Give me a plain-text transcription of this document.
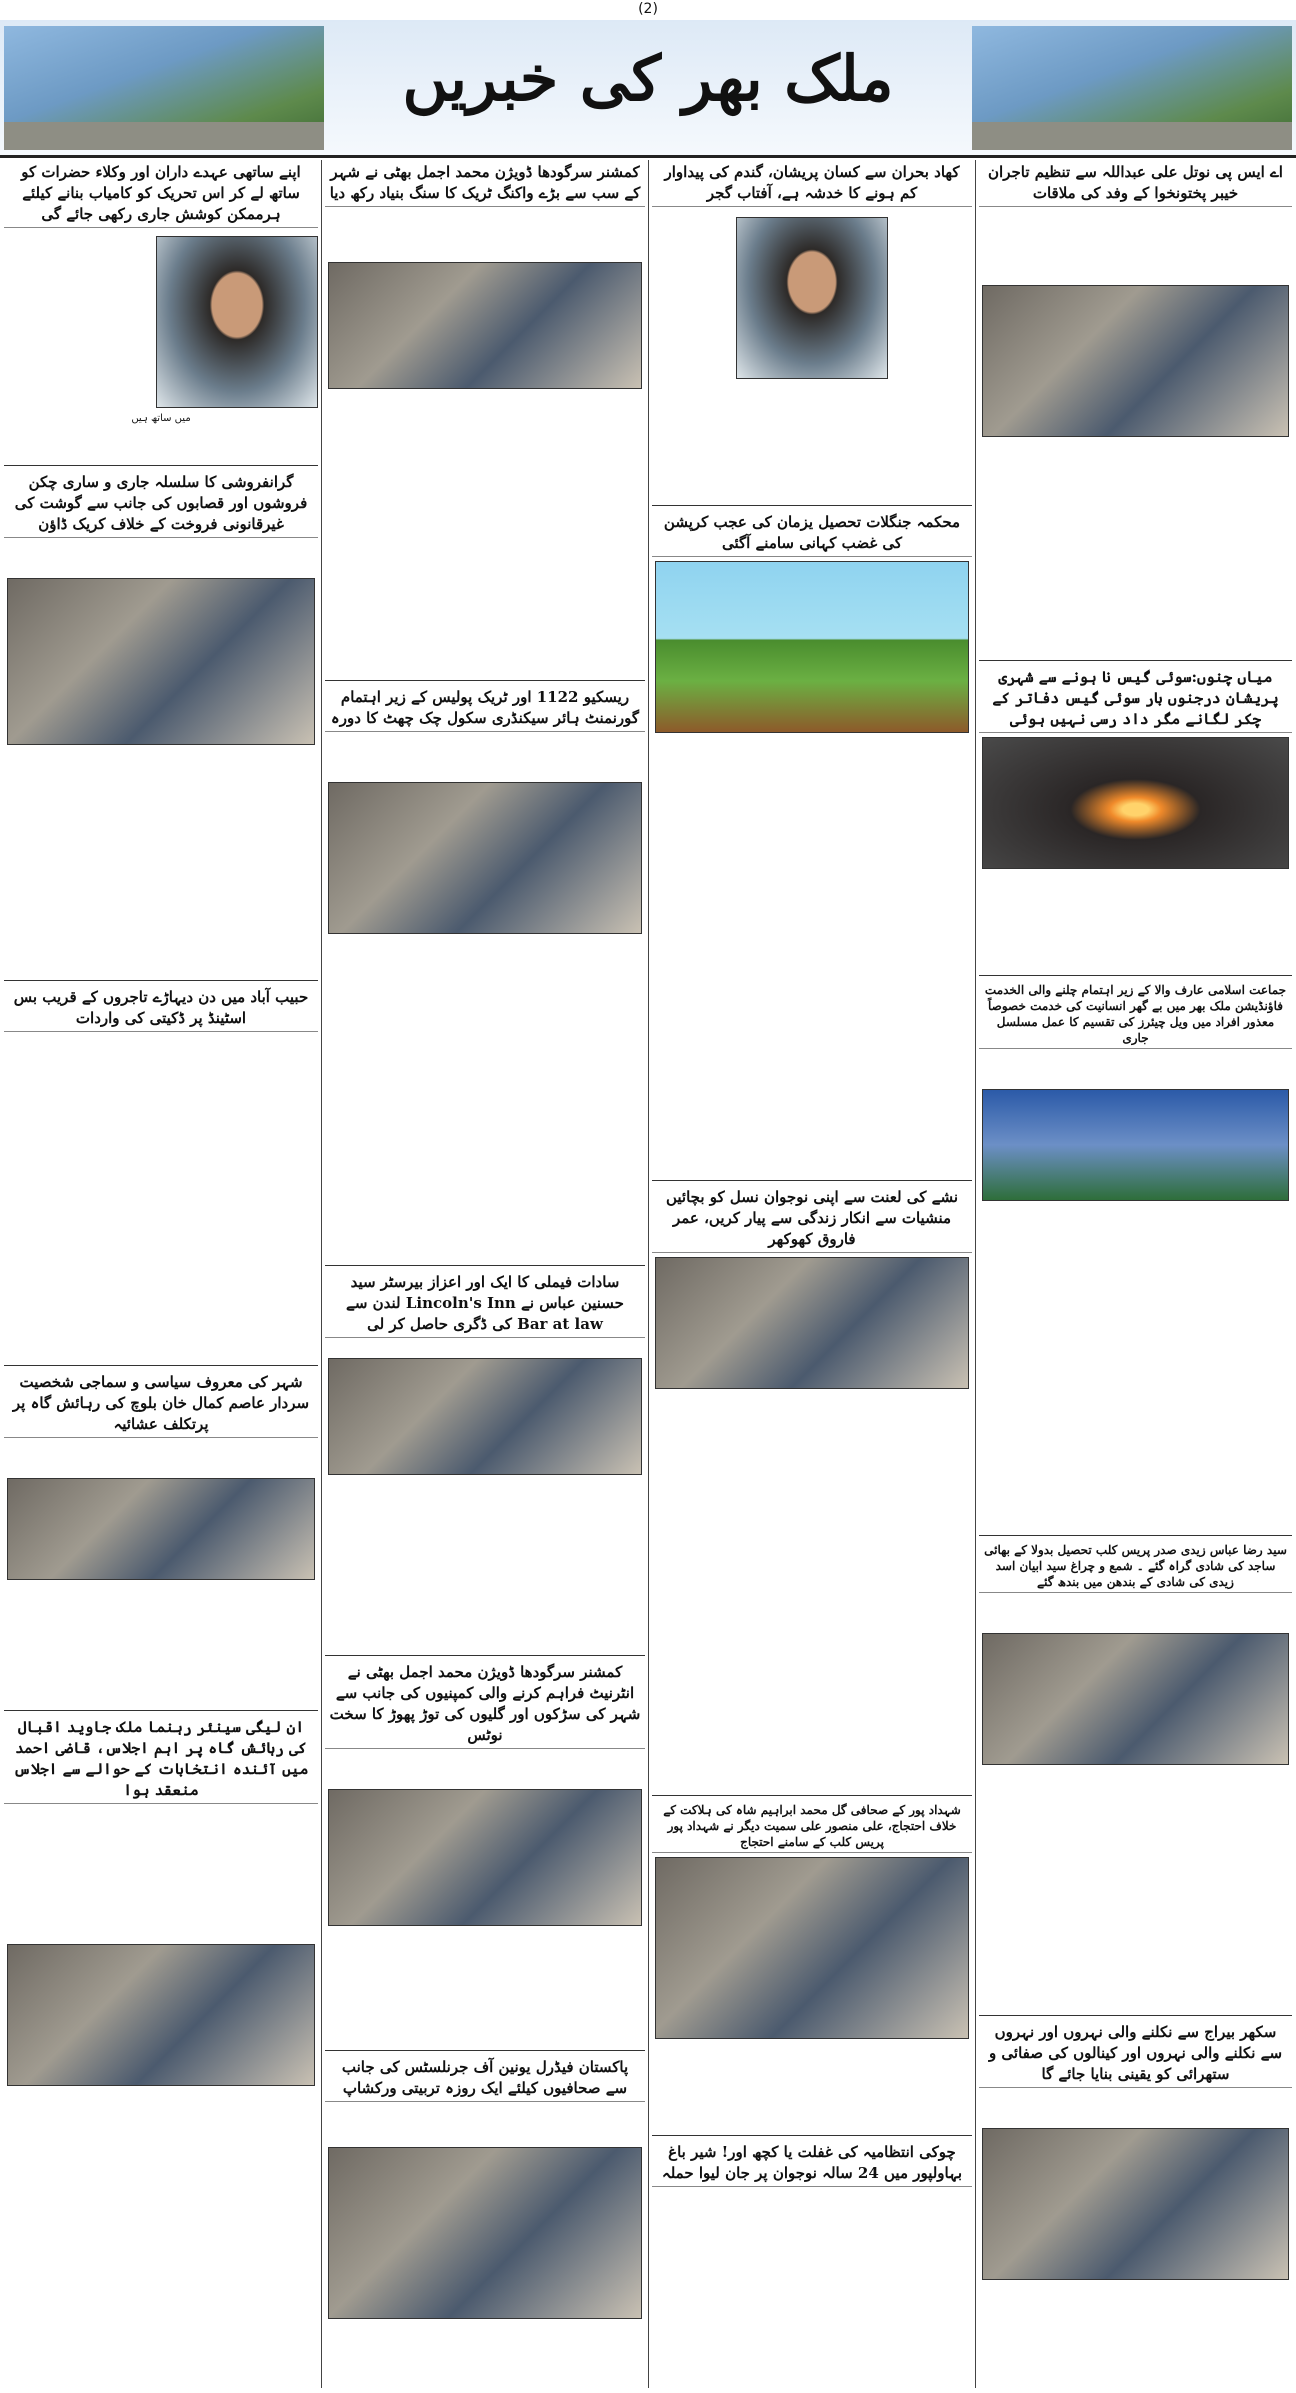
(2)
ملک بھر کی خبریں
اے ایس پی نوتل علی عبداللہ سے تنظیم تاجران خیبر پختونخوا کے وفد کی ملاقات

میاں چنوں:سوئی گیس نا ہونے سے شہری پریشان درجنوں بار سوئی گیس دفاتر کے چکر لگانے مگر داد رسی نہیں ہوئی
جماعت اسلامی عارف والا کے زیر اہتمام چلنے والی الخدمت فاؤنڈیشن ملک بھر میں بے گھر انسانیت کی خدمت خصوصاً معذور افراد میں ویل چیئرز کی تقسیم کا عمل مسلسل جاری
سید رضا عباس زیدی صدر پریس کلب تحصیل بدولا کے بھائی ساجد کی شادی گراہ گئے ۔ شمع و چراغ سید ابیان اسد زیدی کی شادی کے بندھن میں بندھ گئے
سکھر بیراج سے نکلنے والی نہروں اور نہروں سے نکلنے والی نہروں اور کینالوں کی صفائی و ستھرائی کو یقینی بنایا جائے گا
کھاد بحران سے کسان پریشان، گندم کی پیداوار کم ہونے کا خدشہ ہے، آفتاب گجر
محکمہ جنگلات تحصیل یزمان کی عجب کرپشن کی غضب کہانی سامنے آگئی
نشے کی لعنت سے اپنی نوجوان نسل کو بچائیں منشیات سے انکار زندگی سے پیار کریں، عمر فاروق کھوکھر
شہداد پور کے صحافی گل محمد ابراہیم شاہ کی ہلاکت کے خلاف احتجاج، علی منصور علی سمیت دیگر نے شہداد پور پریس کلب کے سامنے احتجاج
چوکی انتظامیہ کی غفلت یا کچھ اور! شیر باغ بہاولپور میں 24 سالہ نوجوان پر جان لیوا حملہ
کمشنر سرگودھا ڈویژن محمد اجمل بھٹی نے شہر کے سب سے بڑے واکنگ ٹریک کا سنگ بنیاد رکھ دیا
ریسکیو 1122 اور ٹریک پولیس کے زیر اہتمام گورنمنٹ ہائر سیکنڈری سکول چک چھٹ کا دورہ
سادات فیملی کا ایک اور اعزاز بیرسٹر سید حسنین عباس نے Lincoln's Inn لندن سے Bar at law کی ڈگری حاصل کر لی
کمشنر سرگودھا ڈویژن محمد اجمل بھٹی نے انٹرنیٹ فراہم کرنے والی کمپنیوں کی جانب سے شہر کی سڑکوں اور گلیوں کی توڑ پھوڑ کا سخت نوٹس
پاکستان فیڈرل یونین آف جرنلسٹس کی جانب سے صحافیوں کیلئے ایک روزہ تربیتی ورکشاپ
اپنے ساتھی عہدے داران اور وکلاء حضرات کو ساتھ لے کر اس تحریک کو کامیاب بنانے کیلئے ہرممکن کوشش جاری رکھی جائے گی
میں ساتھ ہیں
گرانفروشی کا سلسلہ جاری و ساری چکن فروشوں اور قصابوں کی جانب سے گوشت کی غیرقانونی فروخت کے خلاف کریک ڈاؤن
حبیب آباد میں دن دیہاڑے تاجروں کے قریب بس اسٹینڈ پر ڈکیتی کی واردات
شہر کی معروف سیاسی و سماجی شخصیت سردار عاصم کمال خان بلوچ کی رہائش گاہ پر پرتکلف عشائیہ
ان لیگی سینئر رہنما ملک جاوید اقبال کی رہائش گاہ پر اہم اجلاس، قاضی احمد میں آئندہ انتخابات کے حوالے سے اجلاس منعقد ہوا
